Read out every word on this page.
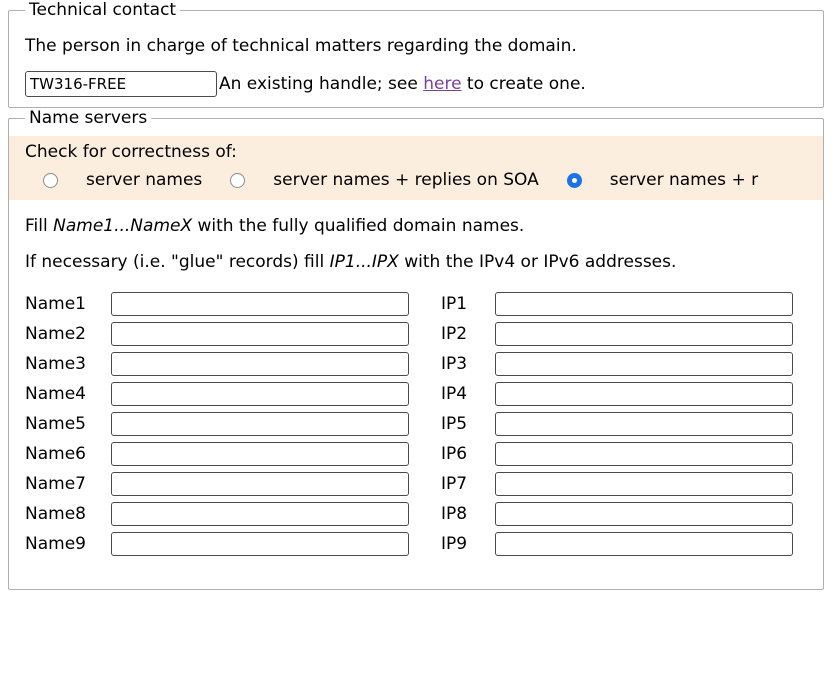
Technical contact
The person in charge of technical matters regarding the domain.
TW316-FREE
An existing handle; see here to create one.
Name servers
Check for correctness of:
server names	server names + replies on SOA	server names + r
Fill Name1...NameX with the fully qualified domain names.
If necessary (i.e. "glue" records) fill IP1...IPX with the IPv4 or IPv6 addresses.
Name1	IP1
Name2	IP2
Name3	IP3
Name4	IP4
Name5	IP5
Name6	IP6
Name7	IP7
Name8	IP8
Name9	IP9
